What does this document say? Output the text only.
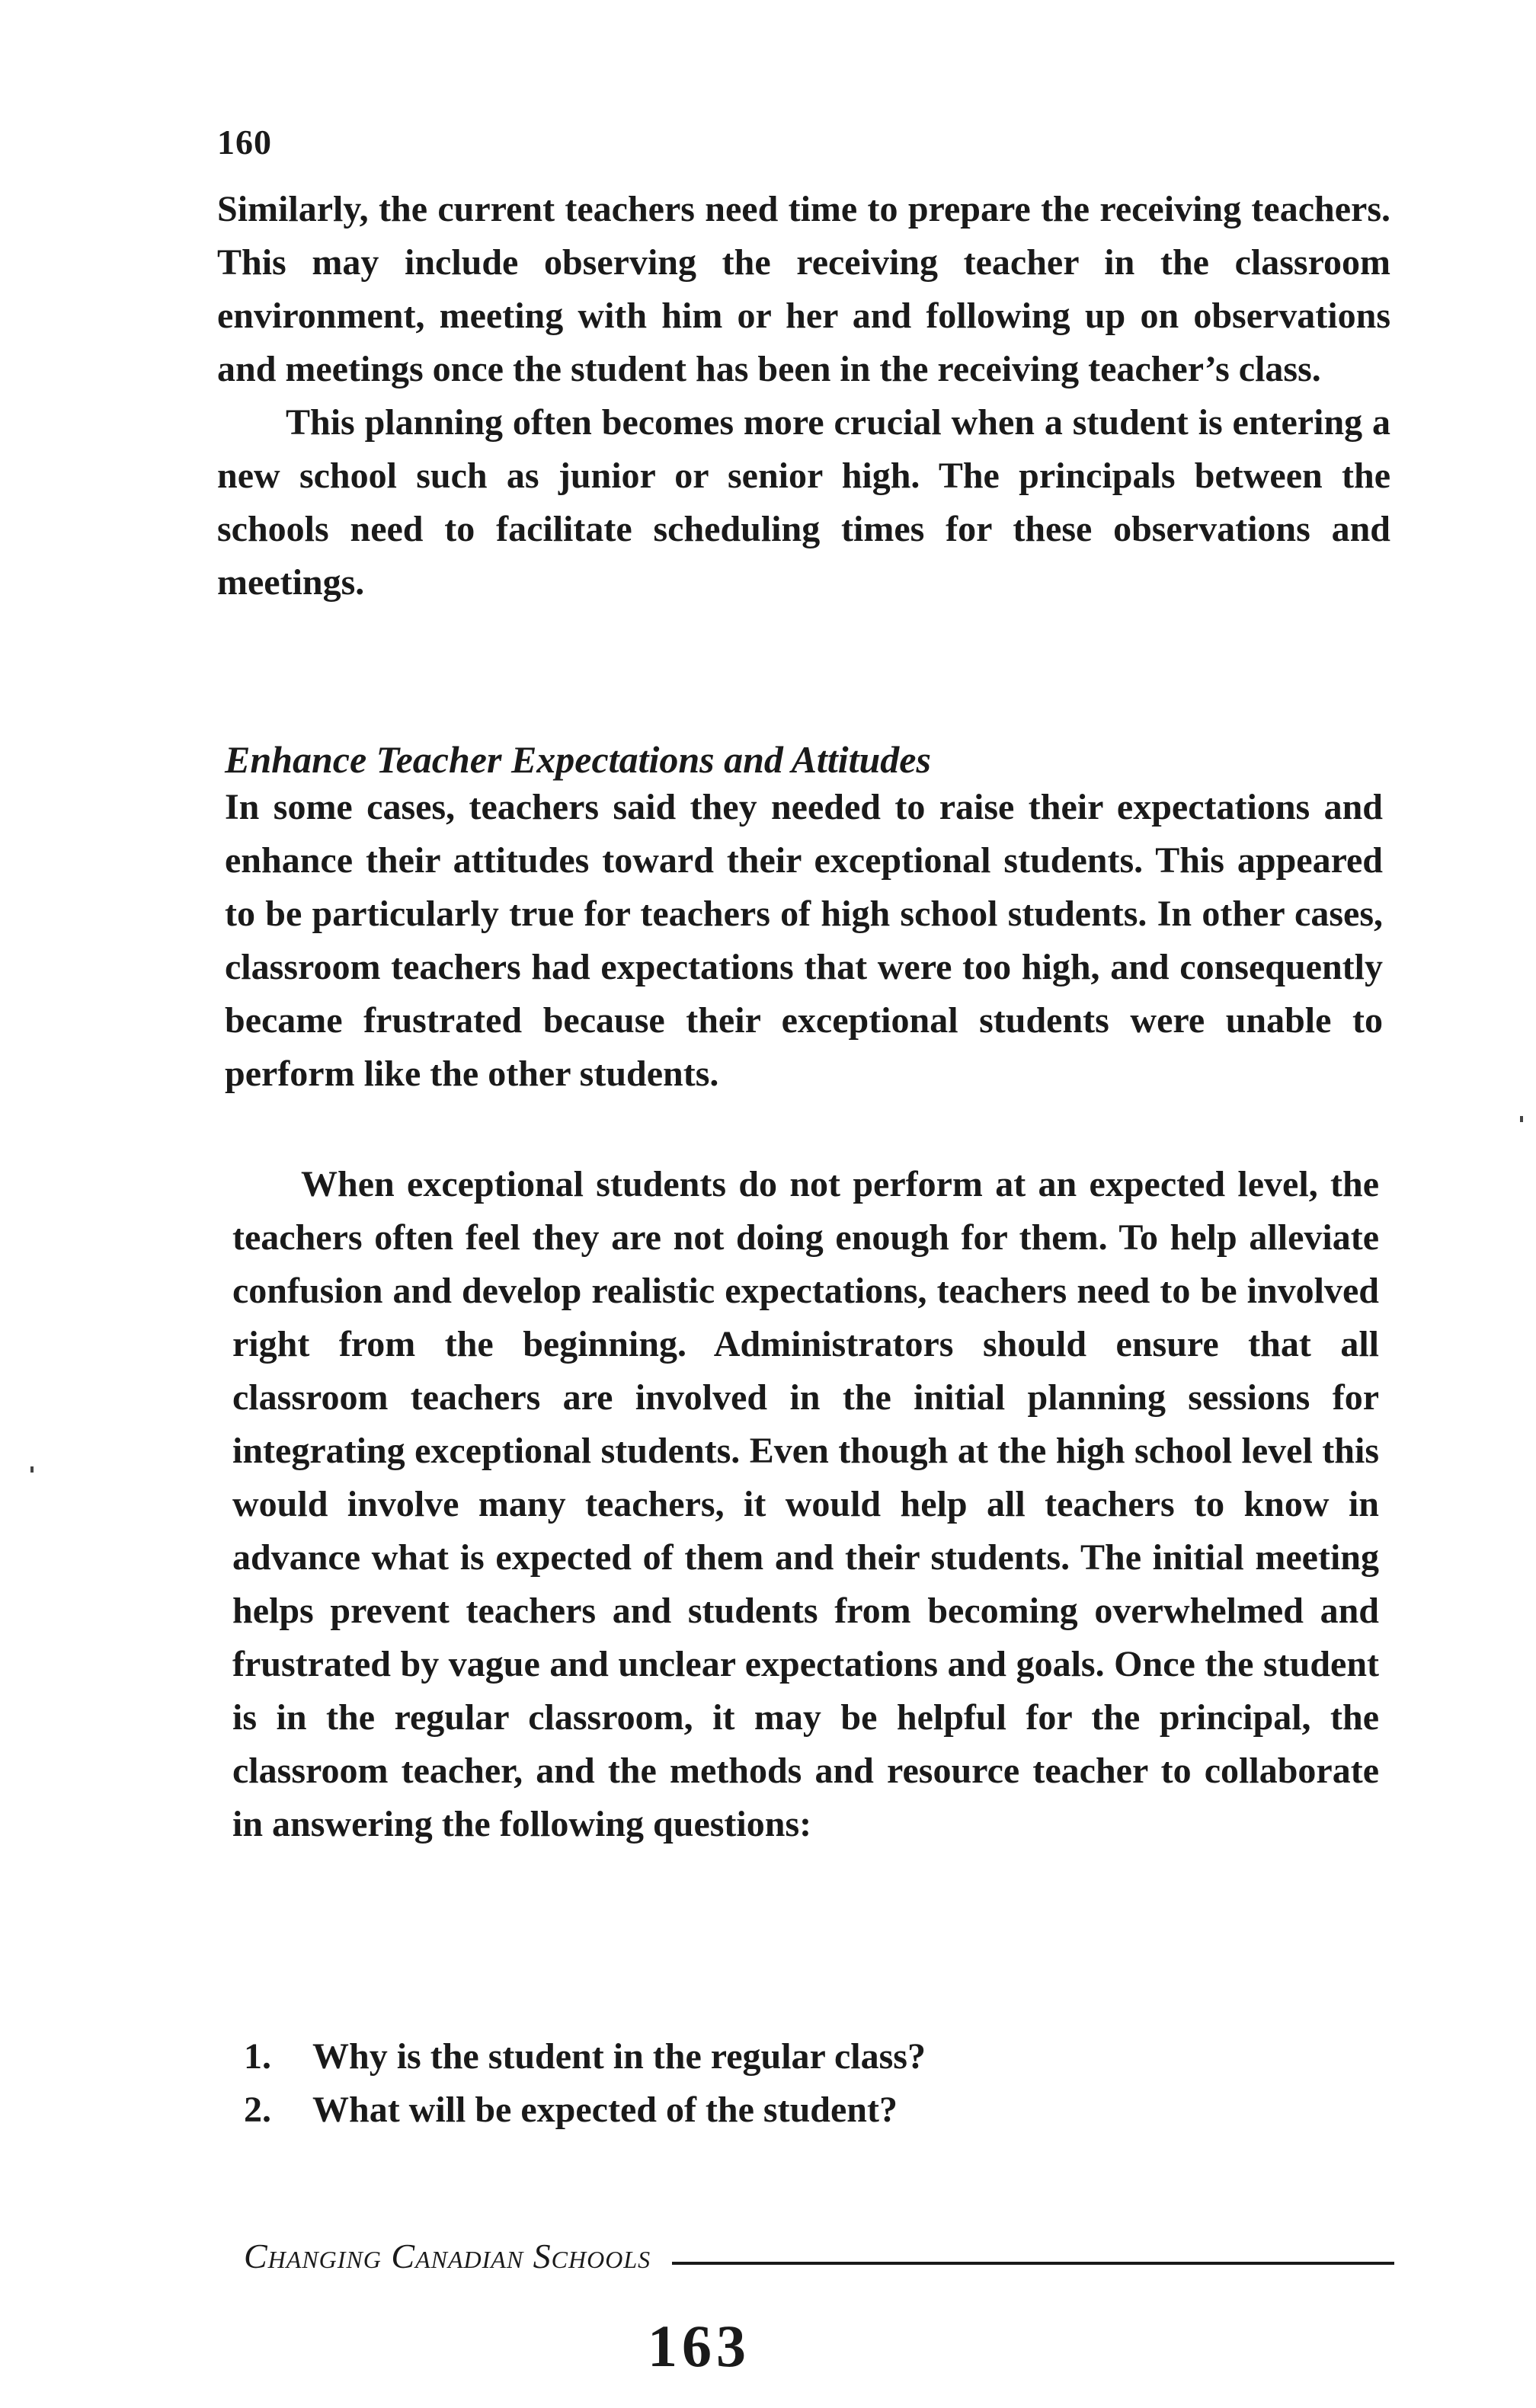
160

Similarly, the current teachers need time to prepare the receiving teachers. This may include observing the receiving teacher in the classroom environment, meeting with him or her and following up on observations and meetings once the student has been in the receiving teacher’s class.

This planning often becomes more crucial when a student is entering a new school such as junior or senior high. The principals between the schools need to facilitate scheduling times for these observations and meetings.

Enhance Teacher Expectations and Attitudes

In some cases, teachers said they needed to raise their expectations and enhance their attitudes toward their exceptional students. This appeared to be particularly true for teachers of high school students. In other cases, classroom teachers had expectations that were too high, and consequently became frustrated because their exceptional students were unable to perform like the other students.

When exceptional students do not perform at an expected level, the teachers often feel they are not doing enough for them. To help alleviate confusion and develop realistic expectations, teachers need to be involved right from the beginning. Administrators should ensure that all classroom teachers are involved in the initial planning sessions for integrating exceptional students. Even though at the high school level this would involve many teachers, it would help all teachers to know in advance what is expected of them and their students. The initial meeting helps prevent teachers and students from becoming overwhelmed and frustrated by vague and unclear expectations and goals. Once the student is in the regular classroom, it may be helpful for the principal, the classroom teacher, and the methods and resource teacher to collaborate in answering the following questions:

1.	Why is the student in the regular class?
2.	What will be expected of the student?
Changing Canadian Schools
163
